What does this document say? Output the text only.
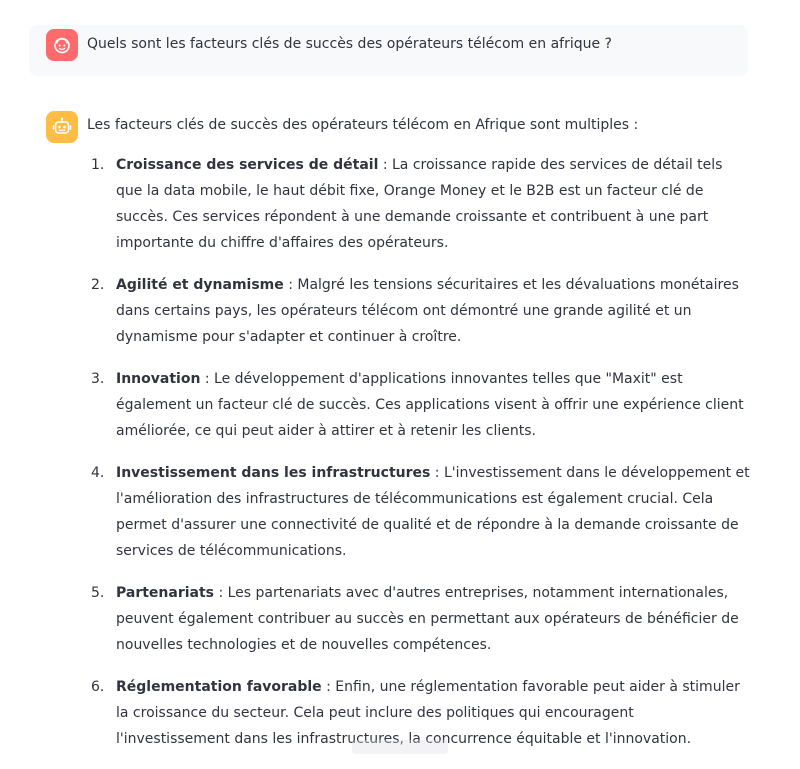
Quels sont les facteurs clés de succès des opérateurs télécom en afrique ?

Les facteurs clés de succès des opérateurs télécom en Afrique sont multiples :

1. Croissance des services de détail : La croissance rapide des services de détail tels que la data mobile, le haut débit fixe, Orange Money et le B2B est un facteur clé de succès. Ces services répondent à une demande croissante et contribuent à une part importante du chiffre d'affaires des opérateurs.
2. Agilité et dynamisme : Malgré les tensions sécuritaires et les dévaluations monétaires dans certains pays, les opérateurs télécom ont démontré une grande agilité et un dynamisme pour s'adapter et continuer à croître.
3. Innovation : Le développement d'applications innovantes telles que "Maxit" est également un facteur clé de succès. Ces applications visent à offrir une expérience client améliorée, ce qui peut aider à attirer et à retenir les clients.
4. Investissement dans les infrastructures : L'investissement dans le développement et l'amélioration des infrastructures de télécommunications est également crucial. Cela permet d'assurer une connectivité de qualité et de répondre à la demande croissante de services de télécommunications.
5. Partenariats : Les partenariats avec d'autres entreprises, notamment internationales, peuvent également contribuer au succès en permettant aux opérateurs de bénéficier de nouvelles technologies et de nouvelles compétences.
6. Réglementation favorable : Enfin, une réglementation favorable peut aider à stimuler la croissance du secteur. Cela peut inclure des politiques qui encouragent l'investissement dans les infrastructures, la concurrence équitable et l'innovation.
